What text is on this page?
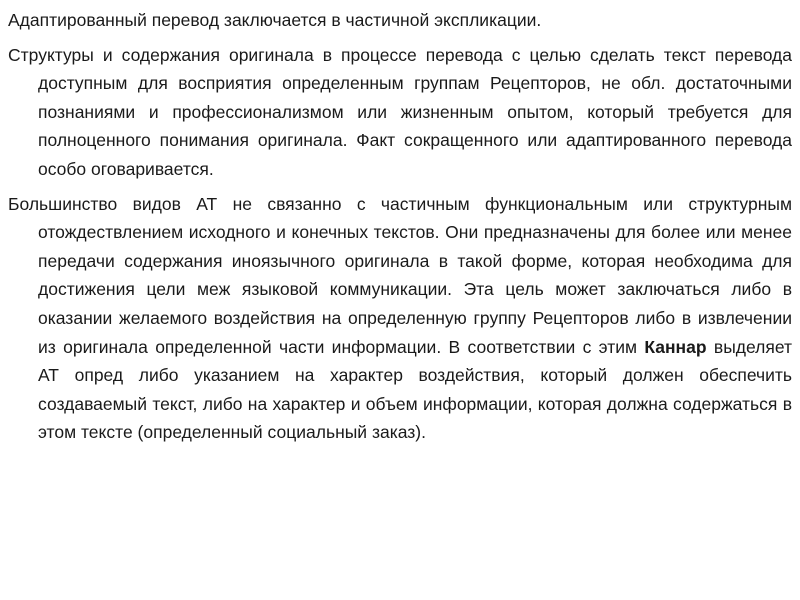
Адаптированный перевод заключается в частичной экспликации.

Структуры и содержания оригинала в процессе перевода с целью сделать текст перевода доступным для восприятия определенным группам Рецепторов, не обл. достаточными познаниями и профессионализмом или жизненным опытом, который требуется для полноценного понимания оригинала. Факт сокращенного или адаптированного перевода особо оговаривается.

Большинство видов АТ не связанно с частичным функциональным или структурным отождествлением исходного и конечных текстов. Они предназначены для более или менее передачи содержания иноязычного оригинала в такой форме, которая необходима для достижения цели меж языковой коммуникации. Эта цель может заключаться либо в оказании желаемого воздействия на определенную группу Рецепторов либо в извлечении из оригинала определенной части информации. В соответствии с этим Каннар выделяет АТ опред либо указанием на характер воздействия, который должен обеспечить создаваемый текст, либо на характер и объем информации, которая должна содержаться в этом тексте (определенный социальный заказ).
